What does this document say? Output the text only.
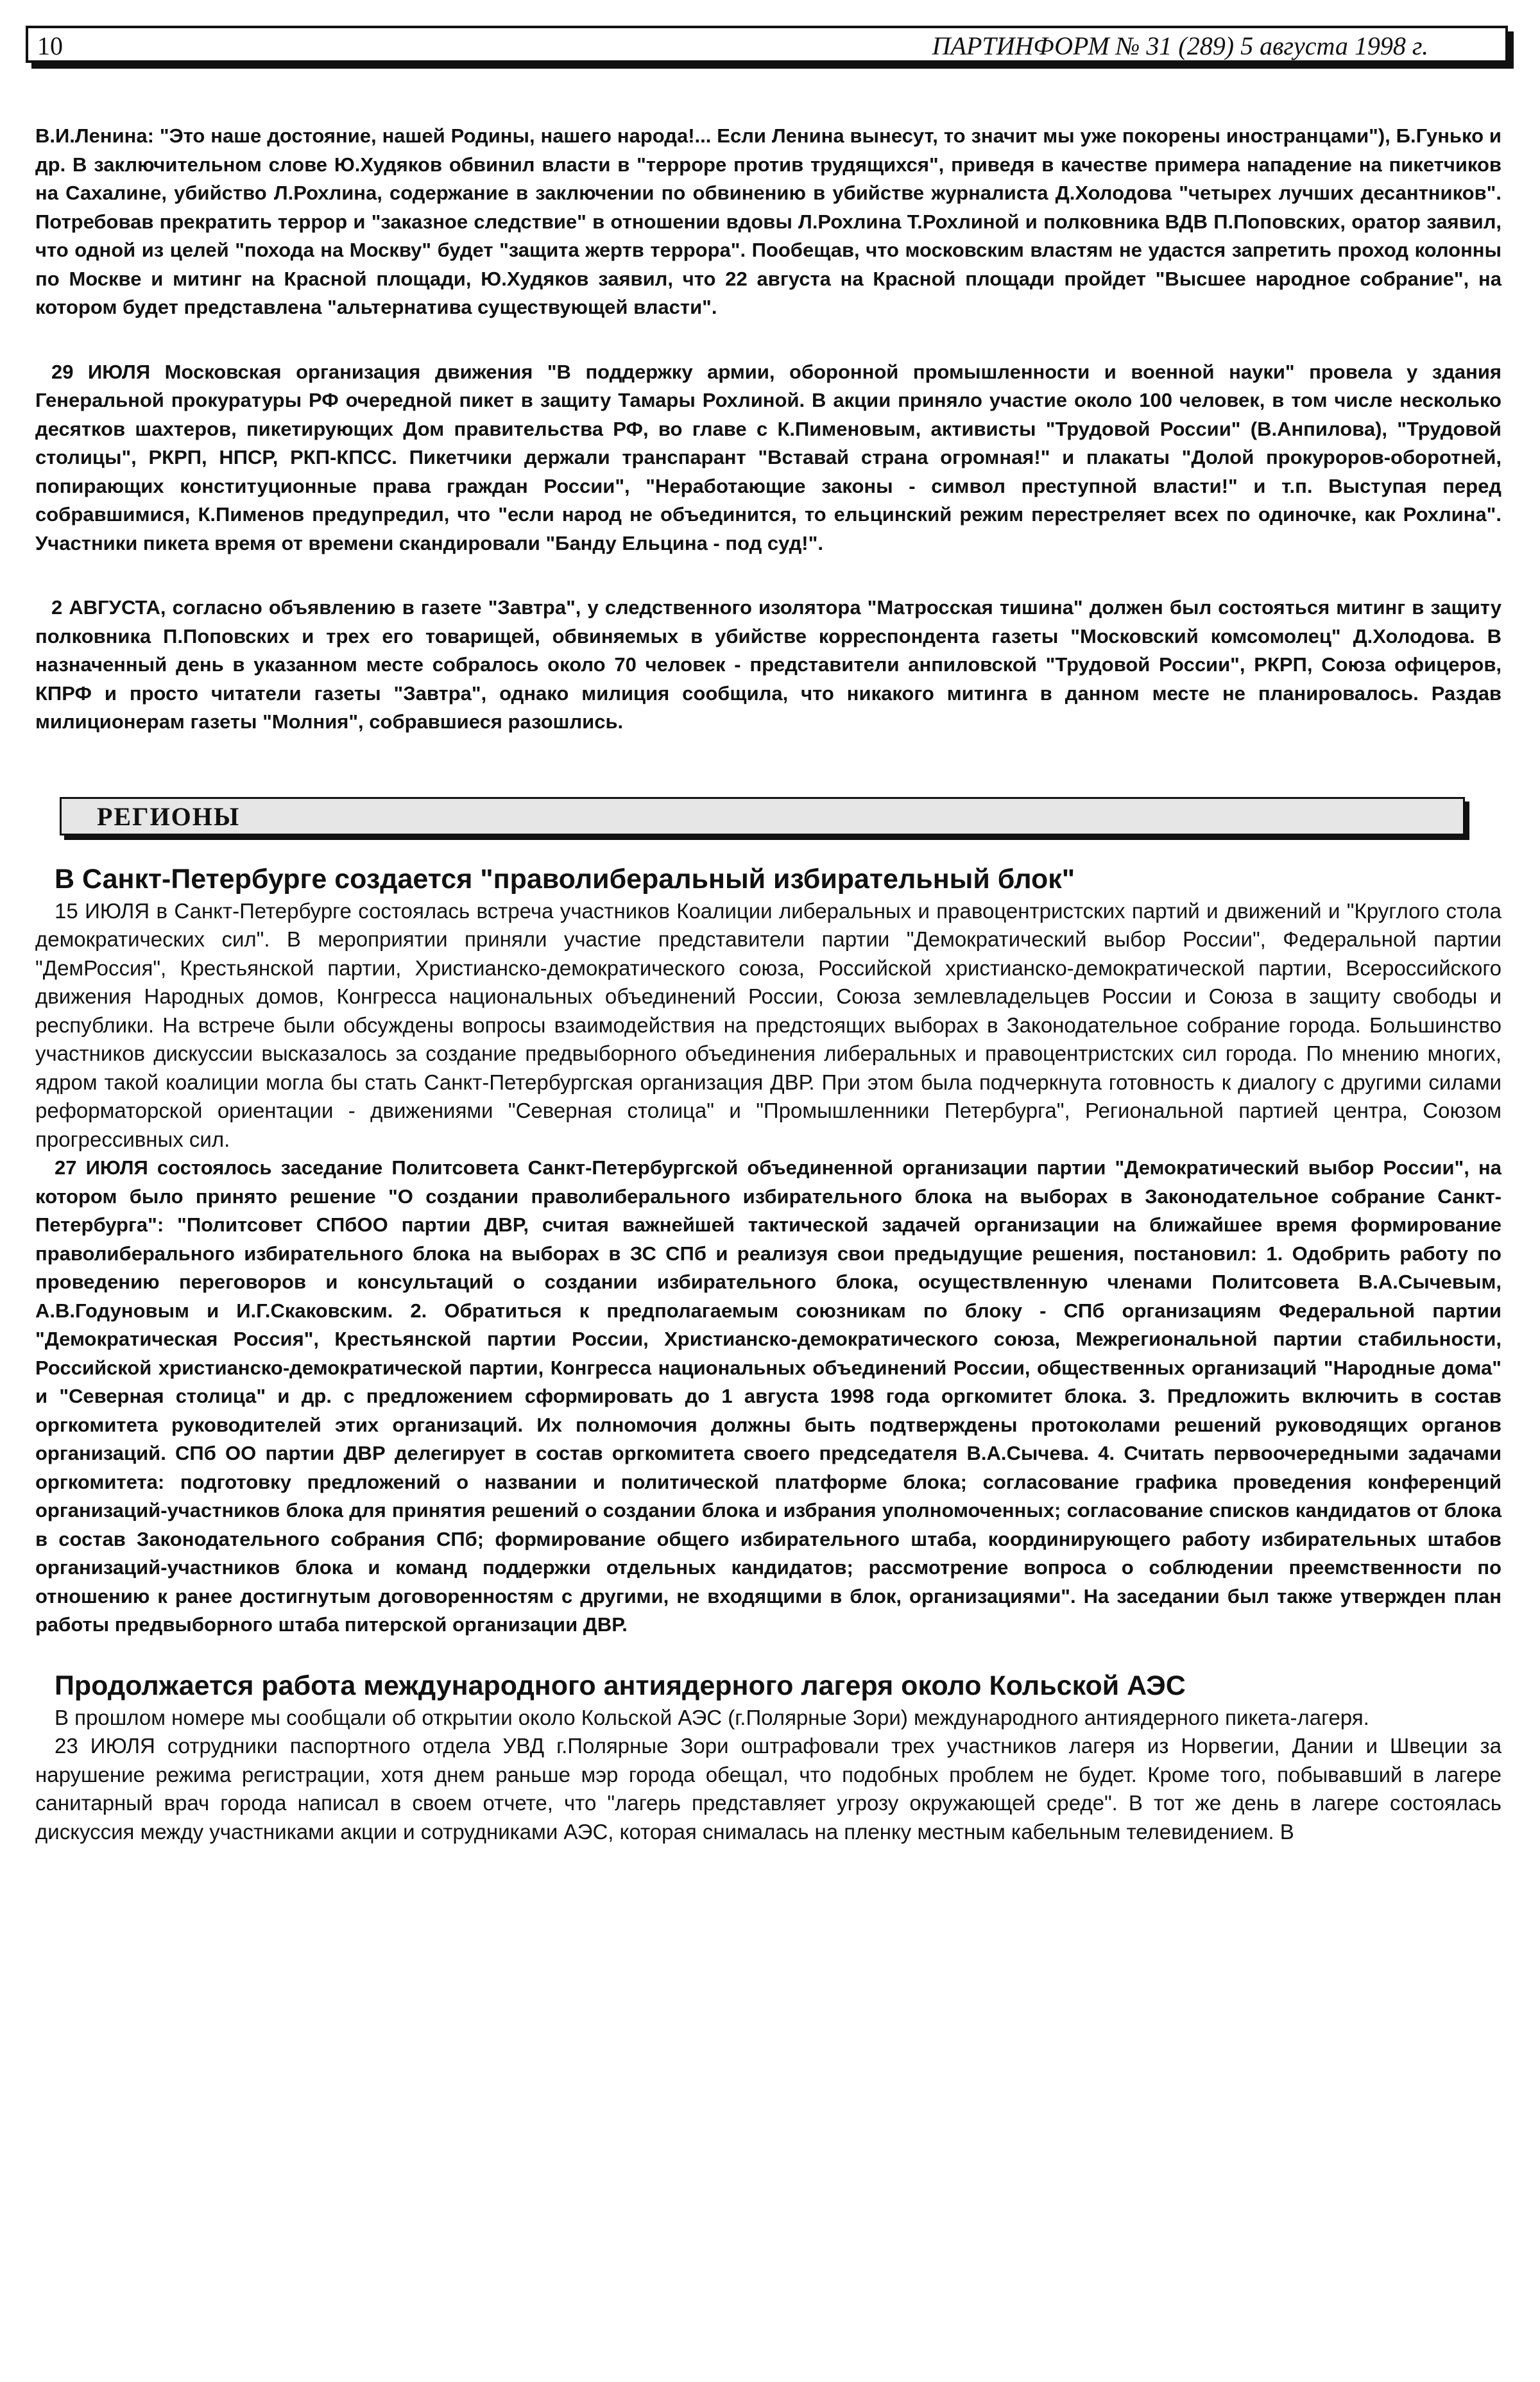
10	ПАРТИНФОРМ № 31 (289) 5 августа 1998 г.

В.И.Ленина: "Это наше достояние, нашей Родины, нашего народа!... Если Ленина вынесут, то значит мы уже покорены иностранцами"), Б.Гунько и др. В заключительном слове Ю.Худяков обвинил власти в "терроре против трудящихся", приведя в качестве примера нападение на пикетчиков на Сахалине, убийство Л.Рохлина, содержание в заключении по обвинению в убийстве журналиста Д.Холодова "четырех лучших десантников". Потребовав прекратить террор и "заказное следствие" в отношении вдовы Л.Рохлина Т.Рохлиной и полковника ВДВ П.Поповских, оратор заявил, что одной из целей "похода на Москву" будет "защита жертв террора". Пообещав, что московским властям не удастся запретить проход колонны по Москве и митинг на Красной площади, Ю.Худяков заявил, что 22 августа на Красной площади пройдет "Высшее народное собрание", на котором будет представлена "альтернатива существующей власти".

29 ИЮЛЯ Московская организация движения "В поддержку армии, оборонной промышленности и военной науки" провела у здания Генеральной прокуратуры РФ очередной пикет в защиту Тамары Рохлиной. В акции приняло участие около 100 человек, в том числе несколько десятков шахтеров, пикетирующих Дом правительства РФ, во главе с К.Пименовым, активисты "Трудовой России" (В.Анпилова), "Трудовой столицы", РКРП, НПСР, РКП-КПСС. Пикетчики держали транспарант "Вставай страна огромная!" и плакаты "Долой прокуроров-оборотней, попирающих конституционные права граждан России", "Неработающие законы - символ преступной власти!" и т.п. Выступая перед собравшимися, К.Пименов предупредил, что "если народ не объединится, то ельцинский режим перестреляет всех по одиночке, как Рохлина". Участники пикета время от времени скандировали "Банду Ельцина - под суд!".

2 АВГУСТА, согласно объявлению в газете "Завтра", у следственного изолятора "Матросская тишина" должен был состояться митинг в защиту полковника П.Поповских и трех его товарищей, обвиняемых в убийстве корреспондента газеты "Московский комсомолец" Д.Холодова. В назначенный день в указанном месте собралось около 70 человек - представители анпиловской "Трудовой России", РКРП, Союза офицеров, КПРФ и просто читатели газеты "Завтра", однако милиция сообщила, что никакого митинга в данном месте не планировалось. Раздав милиционерам газеты "Молния", собравшиеся разошлись.

РЕГИОНЫ
В Санкт-Петербурге создается "праволиберальный избирательный блок"

15 ИЮЛЯ в Санкт-Петербурге состоялась встреча участников Коалиции либеральных и правоцентристских партий и движений и "Круглого стола демократических сил". В мероприятии приняли участие представители партии "Демократический выбор России", Федеральной партии "ДемРоссия", Крестьянской партии, Христианско-демократического союза, Российской христианско-демократической партии, Всероссийского движения Народных домов, Конгресса национальных объединений России, Союза землевладельцев России и Союза в защиту свободы и республики. На встрече были обсуждены вопросы взаимодействия на предстоящих выборах в Законодательное собрание города. Большинство участников дискуссии высказалось за создание предвыборного объединения либеральных и правоцентристских сил города. По мнению многих, ядром такой коалиции могла бы стать Санкт-Петербургская организация ДВР. При этом была подчеркнута готовность к диалогу с другими силами реформаторской ориентации - движениями "Северная столица" и "Промышленники Петербурга", Региональной партией центра, Союзом прогрессивных сил.

27 ИЮЛЯ состоялось заседание Политсовета Санкт-Петербургской объединенной организации партии "Демократический выбор России", на котором было принято решение "О создании праволиберального избирательного блока на выборах в Законодательное собрание Санкт-Петербурга": "Политсовет СПбОО партии ДВР, считая важнейшей тактической задачей организации на ближайшее время формирование праволиберального избирательного блока на выборах в ЗС СПб и реализуя свои предыдущие решения, постановил: 1. Одобрить работу по проведению переговоров и консультаций о создании избирательного блока, осуществленную членами Политсовета В.А.Сычевым, А.В.Годуновым и И.Г.Скаковским. 2. Обратиться к предполагаемым союзникам по блоку - СПб организациям Федеральной партии "Демократическая Россия", Крестьянской партии России, Христианско-демократического союза, Межрегиональной партии стабильности, Российской христианско-демократической партии, Конгресса национальных объединений России, общественных организаций "Народные дома" и "Северная столица" и др. с предложением сформировать до 1 августа 1998 года оргкомитет блока. 3. Предложить включить в состав оргкомитета руководителей этих организаций. Их полномочия должны быть подтверждены протоколами решений руководящих органов организаций. СПб ОО партии ДВР делегирует в состав оргкомитета своего председателя В.А.Сычева. 4. Считать первоочередными задачами оргкомитета: подготовку предложений о названии и политической платформе блока; согласование графика проведения конференций организаций-участников блока для принятия решений о создании блока и избрания уполномоченных; согласование списков кандидатов от блока в состав Законодательного собрания СПб; формирование общего избирательного штаба, координирующего работу избирательных штабов организаций-участников блока и команд поддержки отдельных кандидатов; рассмотрение вопроса о соблюдении преемственности по отношению к ранее достигнутым договоренностям с другими, не входящими в блок, организациями". На заседании был также утвержден план работы предвыборного штаба питерской организации ДВР.

Продолжается работа международного антиядерного лагеря около Кольской АЭС

В прошлом номере мы сообщали об открытии около Кольской АЭС (г.Полярные Зори) международного антиядерного пикета-лагеря.

23 ИЮЛЯ сотрудники паспортного отдела УВД г.Полярные Зори оштрафовали трех участников лагеря из Норвегии, Дании и Швеции за нарушение режима регистрации, хотя днем раньше мэр города обещал, что подобных проблем не будет. Кроме того, побывавший в лагере санитарный врач города написал в своем отчете, что "лагерь представляет угрозу окружающей среде". В тот же день в лагере состоялась дискуссия между участниками акции и сотрудниками АЭС, которая снималась на пленку местным кабельным телевидением. В
